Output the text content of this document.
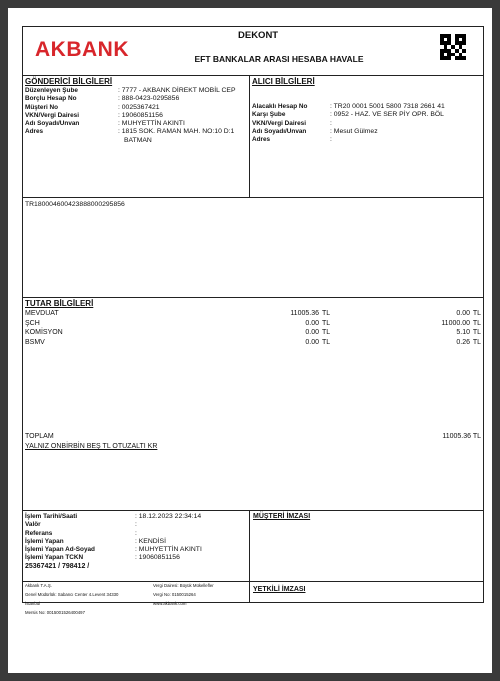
AKBANK
DEKONT
EFT BANKALAR ARASI HESABA HAVALE
GÖNDERİCİ BİLGİLERİ
Düzenleyen Şube	: 7777 - AKBANK DİREKT MOBİL CEP
Borçlu Hesap No	: 888-0423-0295856
Müşteri No	: 0025367421
VKN/Vergi Dairesi	: 19060851156
Adı Soyadı/Unvan	: MUHYETTİN AKINTI
Adres	: 1815 SOK. RAMAN MAH. NO:10 D:1
BATMAN
ALICI BİLGİLERİ
Alacaklı Hesap No	: TR20 0001 5001 5800 7318 2661 41
Karşı Şube	: 0952 - HAZ. VE SER PİY OPR. BÖL
VKN/Vergi Dairesi	:
Adı Soyadı/Unvan	: Mesut Gülmez
Adres	:
TR180004600423888000295856
TUTAR BİLGİLERİ
MEVDUAT	11005.36 TL	0.00 TL
ŞCH	0.00 TL	11000.00 TL
KOMİSYON	0.00 TL	5.10 TL
BSMV	0.00 TL	0.26 TL
TOPLAM	11005.36 TL
YALNIZ ONBİRBİN BEŞ TL OTUZALTI KR
İşlem Tarihi/Saati	: 18.12.2023 22:34:14
Valör	:
Referans	:
İşlemi Yapan	: KENDİSİ
İşlemi Yapan Ad-Soyad	: MUHYETTİN AKINTI
İşlemi Yapan TCKN	: 19060851156
25367421 / 798412 /
MÜŞTERİ İMZASI
Akbank T.A.Ş.
Genel Müdürlük: Sabancı Center 4.Levent 34330
İstanbul
Mersis No: 0015001526400497
Vergi Dairesi: Büyük Mükellefler
Vergi No: 0150015264
www.akbank.com
YETKİLİ İMZASI
